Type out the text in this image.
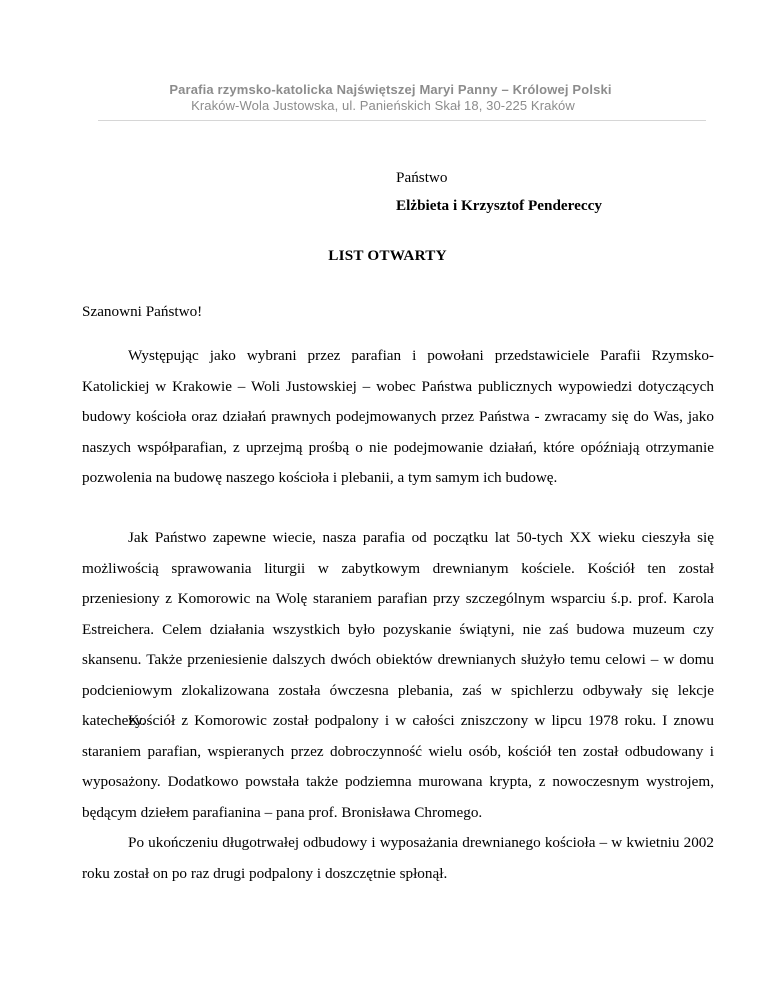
Parafia rzymsko-katolicka Najświętszej Maryi Panny – Królowej Polski
Kraków-Wola Justowska, ul. Panieńskich Skał 18, 30-225 Kraków
Państwo
Elżbieta i Krzysztof Pendereccy
LIST OTWARTY
Szanowni Państwo!

Występując jako wybrani przez parafian i powołani przedstawiciele Parafii Rzymsko-Katolickiej w Krakowie – Woli Justowskiej – wobec Państwa publicznych wypowiedzi dotyczących budowy kościoła oraz działań prawnych podejmowanych przez Państwa - zwracamy się do Was, jako naszych współparafian, z uprzejmą prośbą o nie podejmowanie działań, które opóźniają otrzymanie pozwolenia na budowę naszego kościoła i plebanii, a tym samym ich budowę.

Jak Państwo zapewne wiecie, nasza parafia od początku lat 50-tych XX wieku cieszyła się możliwością sprawowania liturgii w zabytkowym drewnianym kościele. Kościół ten został przeniesiony z Komorowic na Wolę staraniem parafian przy szczególnym wsparciu ś.p. prof. Karola Estreichera. Celem działania wszystkich było pozyskanie świątyni, nie zaś budowa muzeum czy skansenu. Także przeniesienie dalszych dwóch obiektów drewnianych służyło temu celowi – w domu podcieniowym zlokalizowana została ówczesna plebania, zaś w spichlerzu odbywały się lekcje katechezy.

Kościół z Komorowic został podpalony i w całości zniszczony w lipcu 1978 roku. I znowu staraniem parafian, wspieranych przez dobroczynność wielu osób, kościół ten został odbudowany i wyposażony. Dodatkowo powstała także podziemna murowana krypta, z nowoczesnym wystrojem, będącym dziełem parafianina – pana prof. Bronisława Chromego.

Po ukończeniu długotrwałej odbudowy i wyposażania drewnianego kościoła – w kwietniu 2002 roku został on po raz drugi podpalony i doszczętnie spłonął.
